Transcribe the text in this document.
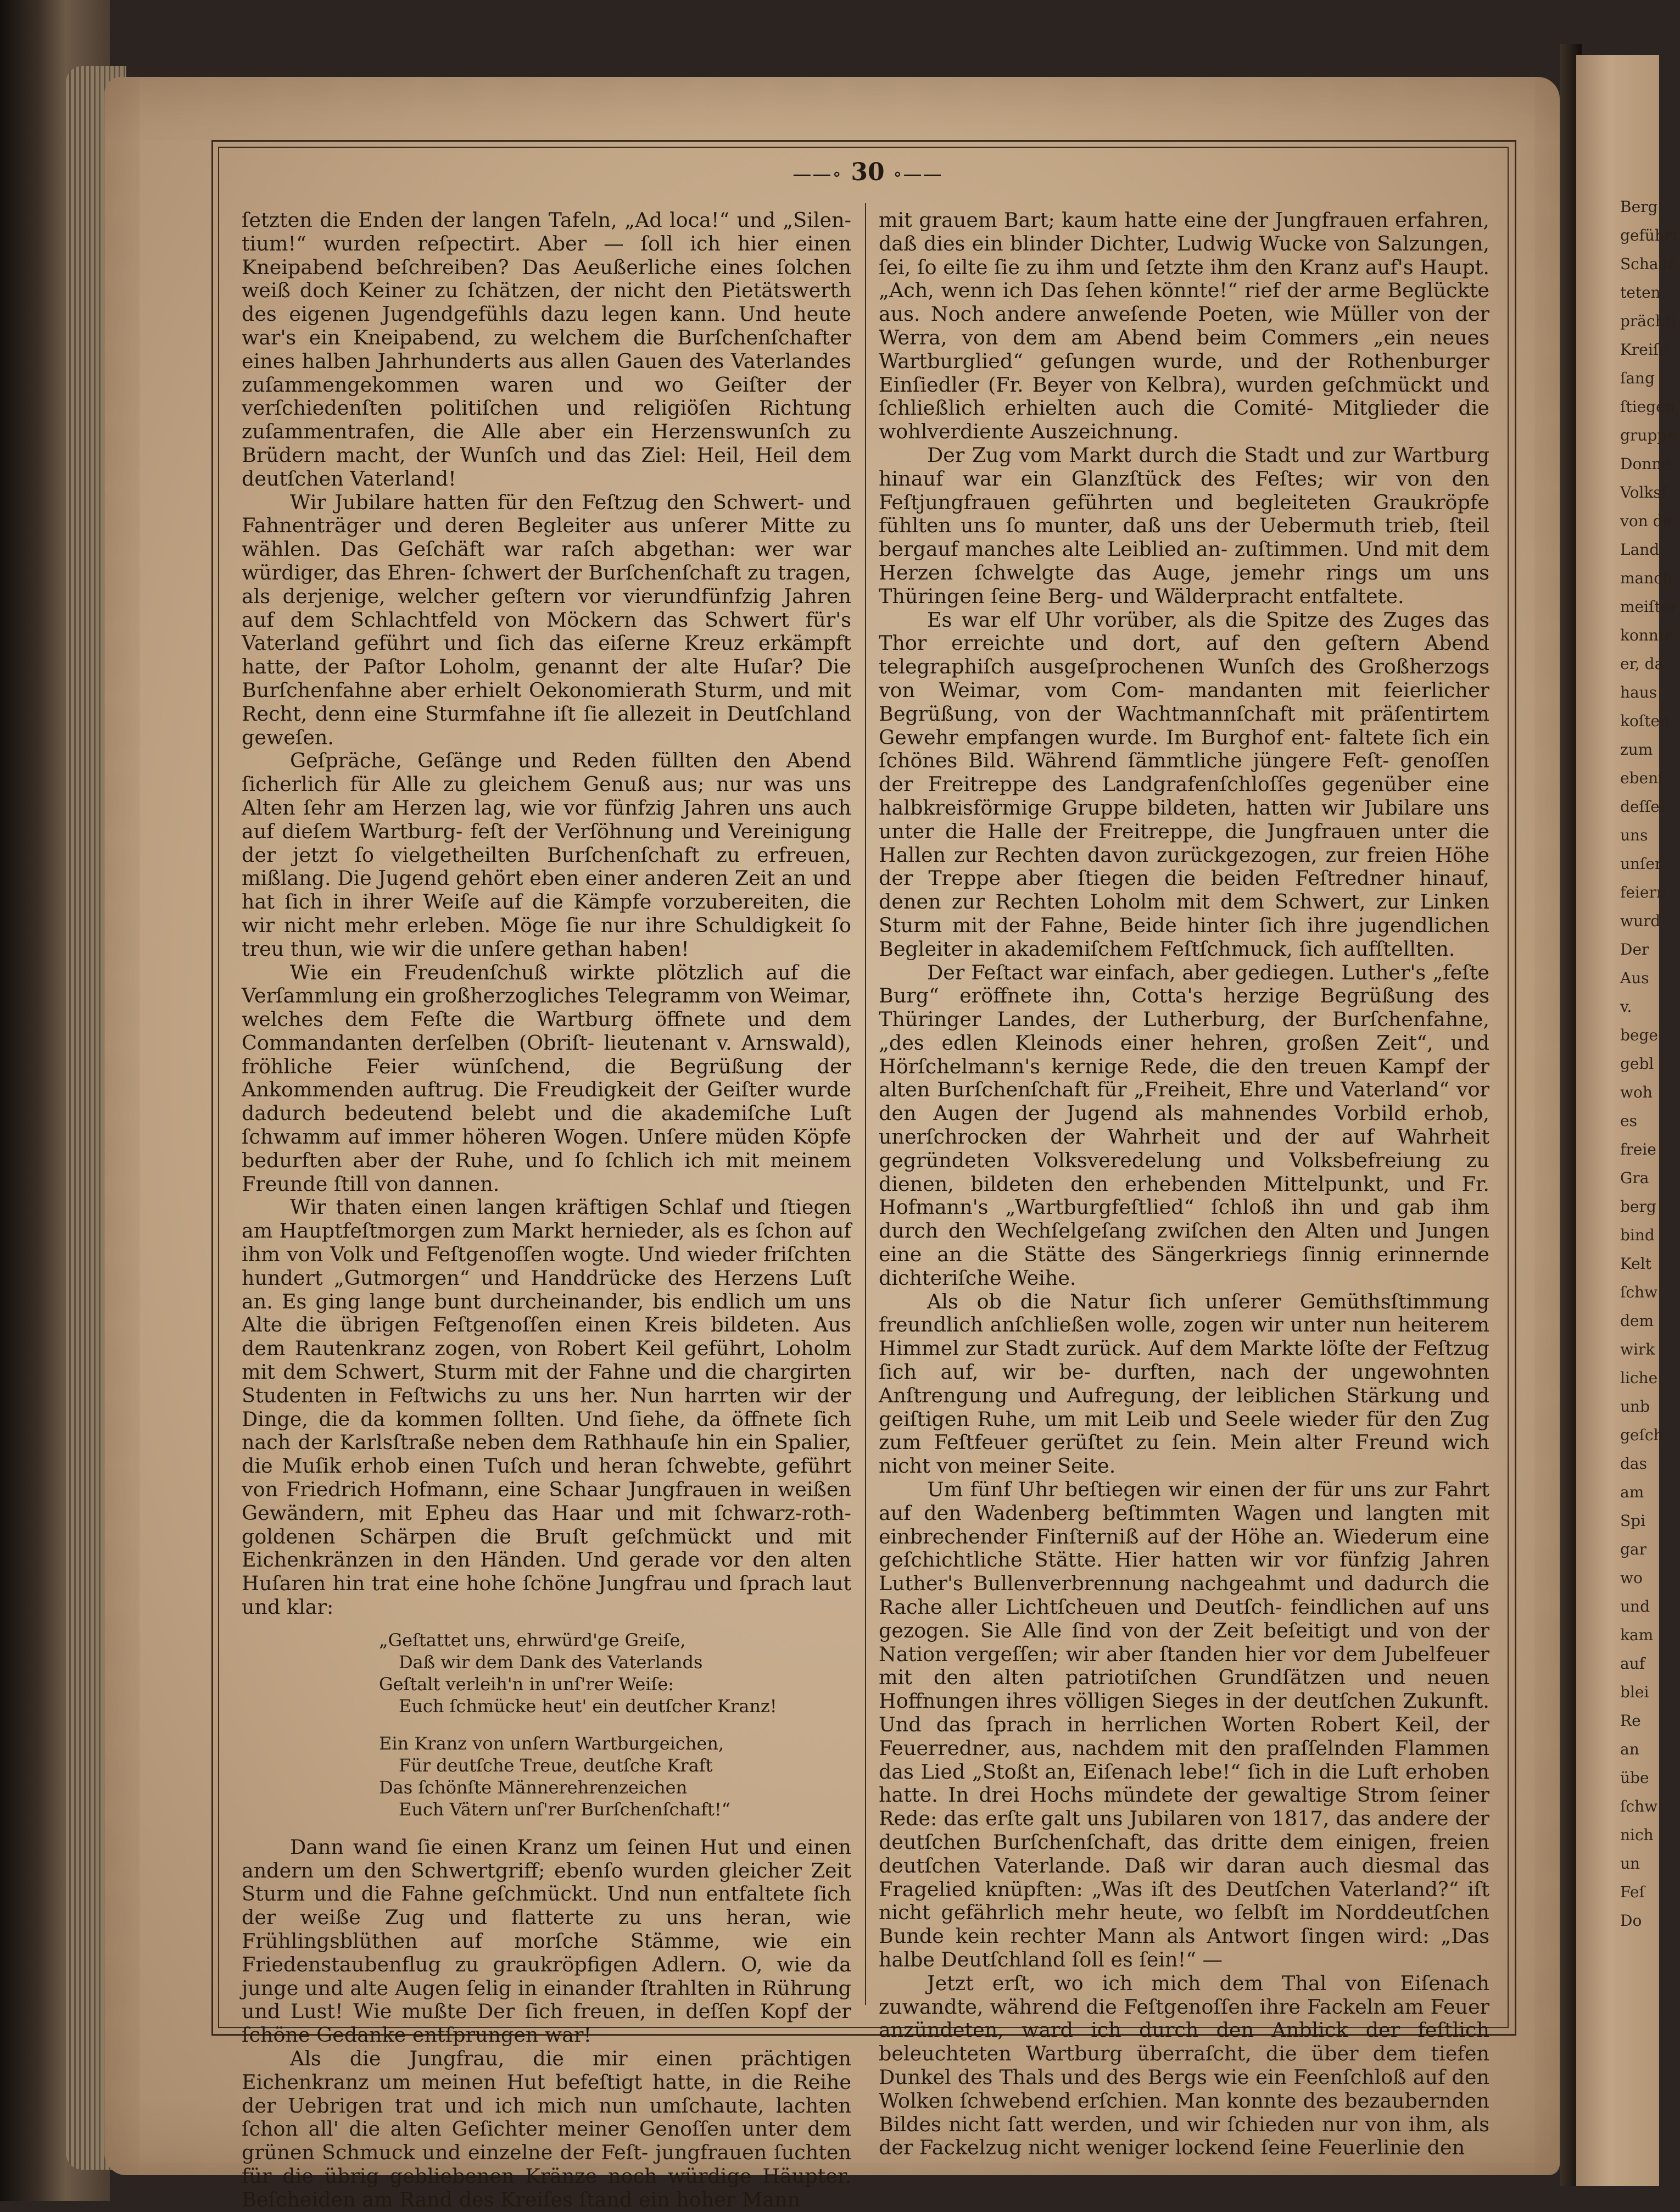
Berg
geführt
Schaar
teten
prächti
Kreiſe
ſang
ſtiegen,
gruppe
Donne
Volksf
von de
Land
manch
meiſter
konnte
er, da
haus
koſten
zum
ebenſ
deſſel
uns
unſer
feiern
wurd
Der
Aus
v.
bege
gebl
woh
es
freie
Gra
berg
bind
Kelt
ſchw
dem
wirk
liche
unb
geſch
das
am
Spi
gar
wo
und
kam
auf
blei
Re
an
übe
ſchw
nich
un
Feſ
Do
——∘ 30 ∘——

ſetzten die Enden der langen Tafeln, „Ad loca!“ und „Silen- tium!“ wurden reſpectirt. Aber — ſoll ich hier einen Kneipabend beſchreiben? Das Aeußerliche eines ſolchen weiß doch Keiner zu ſchätzen, der nicht den Pietätswerth des eigenen Jugendgefühls dazu legen kann. Und heute war's ein Kneipabend, zu welchem die Burſchenſchafter eines halben Jahrhunderts aus allen Gauen des Vaterlandes zuſammengekommen waren und wo Geiſter der verſchiedenſten politiſchen und religiöſen Richtung zuſammentrafen, die Alle aber ein Herzenswunſch zu Brüdern macht, der Wunſch und das Ziel: Heil, Heil dem deutſchen Vaterland!

Wir Jubilare hatten für den Feſtzug den Schwert- und Fahnenträger und deren Begleiter aus unſerer Mitte zu wählen. Das Geſchäft war raſch abgethan: wer war würdiger, das Ehren- ſchwert der Burſchenſchaft zu tragen, als derjenige, welcher geſtern vor vierundfünfzig Jahren auf dem Schlachtfeld von Möckern das Schwert für's Vaterland geführt und ſich das eiſerne Kreuz erkämpft hatte, der Paſtor Loholm, genannt der alte Huſar? Die Burſchenfahne aber erhielt Oekonomierath Sturm, und mit Recht, denn eine Sturmfahne iſt ſie allezeit in Deutſchland geweſen.

Geſpräche, Geſänge und Reden füllten den Abend ſicherlich für Alle zu gleichem Genuß aus; nur was uns Alten ſehr am Herzen lag, wie vor fünfzig Jahren uns auch auf dieſem Wartburg- feſt der Verſöhnung und Vereinigung der jetzt ſo vielgetheilten Burſchenſchaft zu erfreuen, mißlang. Die Jugend gehört eben einer anderen Zeit an und hat ſich in ihrer Weiſe auf die Kämpfe vorzubereiten, die wir nicht mehr erleben. Möge ſie nur ihre Schuldigkeit ſo treu thun, wie wir die unſere gethan haben!

Wie ein Freudenſchuß wirkte plötzlich auf die Verſammlung ein großherzogliches Telegramm von Weimar, welches dem Feſte die Wartburg öffnete und dem Commandanten derſelben (Obriſt- lieutenant v. Arnswald), fröhliche Feier wünſchend, die Begrüßung der Ankommenden auftrug. Die Freudigkeit der Geiſter wurde dadurch bedeutend belebt und die akademiſche Luſt ſchwamm auf immer höheren Wogen. Unſere müden Köpfe bedurften aber der Ruhe, und ſo ſchlich ich mit meinem Freunde ſtill von dannen.

Wir thaten einen langen kräftigen Schlaf und ſtiegen am Hauptfeſtmorgen zum Markt hernieder, als es ſchon auf ihm von Volk und Feſtgenoſſen wogte. Und wieder friſchten hundert „Gutmorgen“ und Handdrücke des Herzens Luſt an. Es ging lange bunt durcheinander, bis endlich um uns Alte die übrigen Feſtgenoſſen einen Kreis bildeten. Aus dem Rautenkranz zogen, von Robert Keil geführt, Loholm mit dem Schwert, Sturm mit der Fahne und die chargirten Studenten in Feſtwichs zu uns her. Nun harrten wir der Dinge, die da kommen ſollten. Und ſiehe, da öffnete ſich nach der Karlsſtraße neben dem Rathhauſe hin ein Spalier, die Muſik erhob einen Tuſch und heran ſchwebte, geführt von Friedrich Hofmann, eine Schaar Jungfrauen in weißen Gewändern, mit Epheu das Haar und mit ſchwarz-roth-goldenen Schärpen die Bruſt geſchmückt und mit Eichenkränzen in den Händen. Und gerade vor den alten Huſaren hin trat eine hohe ſchöne Jungfrau und ſprach laut und klar:

„Geſtattet uns, ehrwürd'ge Greiſe,
Daß wir dem Dank des Vaterlands
Geſtalt verleih'n in unſ'rer Weiſe:
Euch ſchmücke heut' ein deutſcher Kranz!
Ein Kranz von unſern Wartburgeichen,
Für deutſche Treue, deutſche Kraft
Das ſchönſte Männerehrenzeichen
Euch Vätern unſ'rer Burſchenſchaft!“

Dann wand ſie einen Kranz um ſeinen Hut und einen andern um den Schwertgriff; ebenſo wurden gleicher Zeit Sturm und die Fahne geſchmückt. Und nun entfaltete ſich der weiße Zug und flatterte zu uns heran, wie Frühlingsblüthen auf morſche Stämme, wie ein Friedenstaubenflug zu graukröpfigen Adlern. O, wie da junge und alte Augen ſelig in einander ſtrahlten in Rührung und Lust! Wie mußte Der ſich freuen, in deſſen Kopf der ſchöne Gedanke entſprungen war!

Als die Jungfrau, die mir einen prächtigen Eichenkranz um meinen Hut befeſtigt hatte, in die Reihe der Uebrigen trat und ich mich nun umſchaute, lachten ſchon all' die alten Geſichter meiner Genoſſen unter dem grünen Schmuck und einzelne der Feſt- jungfrauen ſuchten für die übrig gebliebenen Kränze noch würdige Häupter. Beſcheiden am Rand des Kreiſes ſtand ein hoher Mann

mit grauem Bart; kaum hatte eine der Jungfrauen erfahren, daß dies ein blinder Dichter, Ludwig Wucke von Salzungen, ſei, ſo eilte ſie zu ihm und ſetzte ihm den Kranz auf's Haupt. „Ach, wenn ich Das ſehen könnte!“ rief der arme Beglückte aus. Noch andere anweſende Poeten, wie Müller von der Werra, von dem am Abend beim Commers „ein neues Wartburglied“ geſungen wurde, und der Rothenburger Einſiedler (Fr. Beyer von Kelbra), wurden geſchmückt und ſchließlich erhielten auch die Comité- Mitglieder die wohlverdiente Auszeichnung.

Der Zug vom Markt durch die Stadt und zur Wartburg hinauf war ein Glanzſtück des Feſtes; wir von den Feſtjungfrauen geführten und begleiteten Graukröpfe fühlten uns ſo munter, daß uns der Uebermuth trieb, ſteil bergauf manches alte Leiblied an- zuſtimmen. Und mit dem Herzen ſchwelgte das Auge, jemehr rings um uns Thüringen ſeine Berg- und Wälderpracht entfaltete.

Es war elf Uhr vorüber, als die Spitze des Zuges das Thor erreichte und dort, auf den geſtern Abend telegraphiſch ausgeſprochenen Wunſch des Großherzogs von Weimar, vom Com- mandanten mit feierlicher Begrüßung, von der Wachtmannſchaft mit präſentirtem Gewehr empfangen wurde. Im Burghof ent- faltete ſich ein ſchönes Bild. Während ſämmtliche jüngere Feſt- genoſſen der Freitreppe des Landgrafenſchloſſes gegenüber eine halbkreisförmige Gruppe bildeten, hatten wir Jubilare uns unter die Halle der Freitreppe, die Jungfrauen unter die Hallen zur Rechten davon zurückgezogen, zur freien Höhe der Treppe aber ſtiegen die beiden Feſtredner hinauf, denen zur Rechten Loholm mit dem Schwert, zur Linken Sturm mit der Fahne, Beide hinter ſich ihre jugendlichen Begleiter in akademiſchem Feſtſchmuck, ſich aufſtellten.

Der Feſtact war einfach, aber gediegen. Luther's „feſte Burg“ eröffnete ihn, Cotta's herzige Begrüßung des Thüringer Landes, der Lutherburg, der Burſchenfahne, „des edlen Kleinods einer hehren, großen Zeit“, und Hörſchelmann's kernige Rede, die den treuen Kampf der alten Burſchenſchaft für „Freiheit, Ehre und Vaterland“ vor den Augen der Jugend als mahnendes Vorbild erhob, unerſchrocken der Wahrheit und der auf Wahrheit gegründeten Volksveredelung und Volksbefreiung zu dienen, bildeten den erhebenden Mittelpunkt, und Fr. Hofmann's „Wartburgfeſtlied“ ſchloß ihn und gab ihm durch den Wechſelgeſang zwiſchen den Alten und Jungen eine an die Stätte des Sängerkriegs ſinnig erinnernde dichteriſche Weihe.

Als ob die Natur ſich unſerer Gemüthsſtimmung freundlich anſchließen wolle, zogen wir unter nun heiterem Himmel zur Stadt zurück. Auf dem Markte löſte der Feſtzug ſich auf, wir be- durften, nach der ungewohnten Anſtrengung und Aufregung, der leiblichen Stärkung und geiſtigen Ruhe, um mit Leib und Seele wieder für den Zug zum Feſtfeuer gerüſtet zu ſein. Mein alter Freund wich nicht von meiner Seite.

Um fünf Uhr beſtiegen wir einen der für uns zur Fahrt auf den Wadenberg beſtimmten Wagen und langten mit einbrechender Finſterniß auf der Höhe an. Wiederum eine geſchichtliche Stätte. Hier hatten wir vor fünfzig Jahren Luther's Bullenverbrennung nachgeahmt und dadurch die Rache aller Lichtſcheuen und Deutſch- feindlichen auf uns gezogen. Sie Alle ſind von der Zeit beſeitigt und von der Nation vergeſſen; wir aber ſtanden hier vor dem Jubelfeuer mit den alten patriotiſchen Grundſätzen und neuen Hoffnungen ihres völligen Sieges in der deutſchen Zukunft. Und das ſprach in herrlichen Worten Robert Keil, der Feuerredner, aus, nachdem mit den praſſelnden Flammen das Lied „Stoßt an, Eiſenach lebe!“ ſich in die Luft erhoben hatte. In drei Hochs mündete der gewaltige Strom ſeiner Rede: das erſte galt uns Jubilaren von 1817, das andere der deutſchen Burſchenſchaft, das dritte dem einigen, freien deutſchen Vaterlande. Daß wir daran auch diesmal das Fragelied knüpften: „Was iſt des Deutſchen Vaterland?“ iſt nicht gefährlich mehr heute, wo ſelbſt im Norddeutſchen Bunde kein rechter Mann als Antwort ſingen wird: „Das halbe Deutſchland ſoll es ſein!“ —

Jetzt erſt, wo ich mich dem Thal von Eiſenach zuwandte, während die Feſtgenoſſen ihre Fackeln am Feuer anzündeten, ward ich durch den Anblick der feſtlich beleuchteten Wartburg überraſcht, die über dem tiefen Dunkel des Thals und des Bergs wie ein Feenſchloß auf den Wolken ſchwebend erſchien. Man konnte des bezaubernden Bildes nicht ſatt werden, und wir ſchieden nur von ihm, als der Fackelzug nicht weniger lockend ſeine Feuerlinie den
